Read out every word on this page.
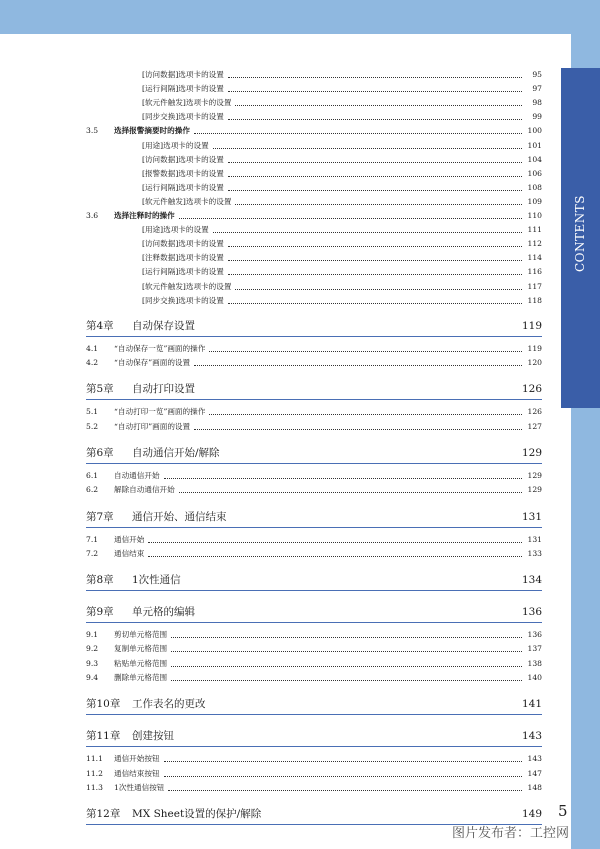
CONTENTS
[访问数据]选项卡的设置	95
[运行间隔]选项卡的设置	97
[软元件触发]选项卡的设置	98
[同步交换]选项卡的设置	99
3.5	选择报警摘要时的操作	100
[用途]选项卡的设置	101
[访问数据]选项卡的设置	104
[报警数据]选项卡的设置	106
[运行间隔]选项卡的设置	108
[软元件触发]选项卡的设置	109
3.6	选择注释时的操作	110
[用途]选项卡的设置	111
[访问数据]选项卡的设置	112
[注释数据]选项卡的设置	114
[运行间隔]选项卡的设置	116
[软元件触发]选项卡的设置	117
[同步交换]选项卡的设置	118
第4章	自动保存设置	119
4.1	“自动保存一览”画面的操作	119
4.2	“自动保存”画面的设置	120
第5章	自动打印设置	126
5.1	“自动打印一览”画面的操作	126
5.2	“自动打印”画面的设置	127
第6章	自动通信开始/解除	129
6.1	自动通信开始	129
6.2	解除自动通信开始	129
第7章	通信开始、通信结束	131
7.1	通信开始	131
7.2	通信结束	133
第8章	1次性通信	134
第9章	单元格的编辑	136
9.1	剪切单元格范围	136
9.2	复制单元格范围	137
9.3	粘贴单元格范围	138
9.4	删除单元格范围	140
第10章	工作表名的更改	141
第11章	创建按钮	143
11.1	通信开始按钮	143
11.2	通信结束按钮	147
11.3	1次性通信按钮	148
第12章	MX Sheet设置的保护/解除	149 5
图片发布者：工控网
